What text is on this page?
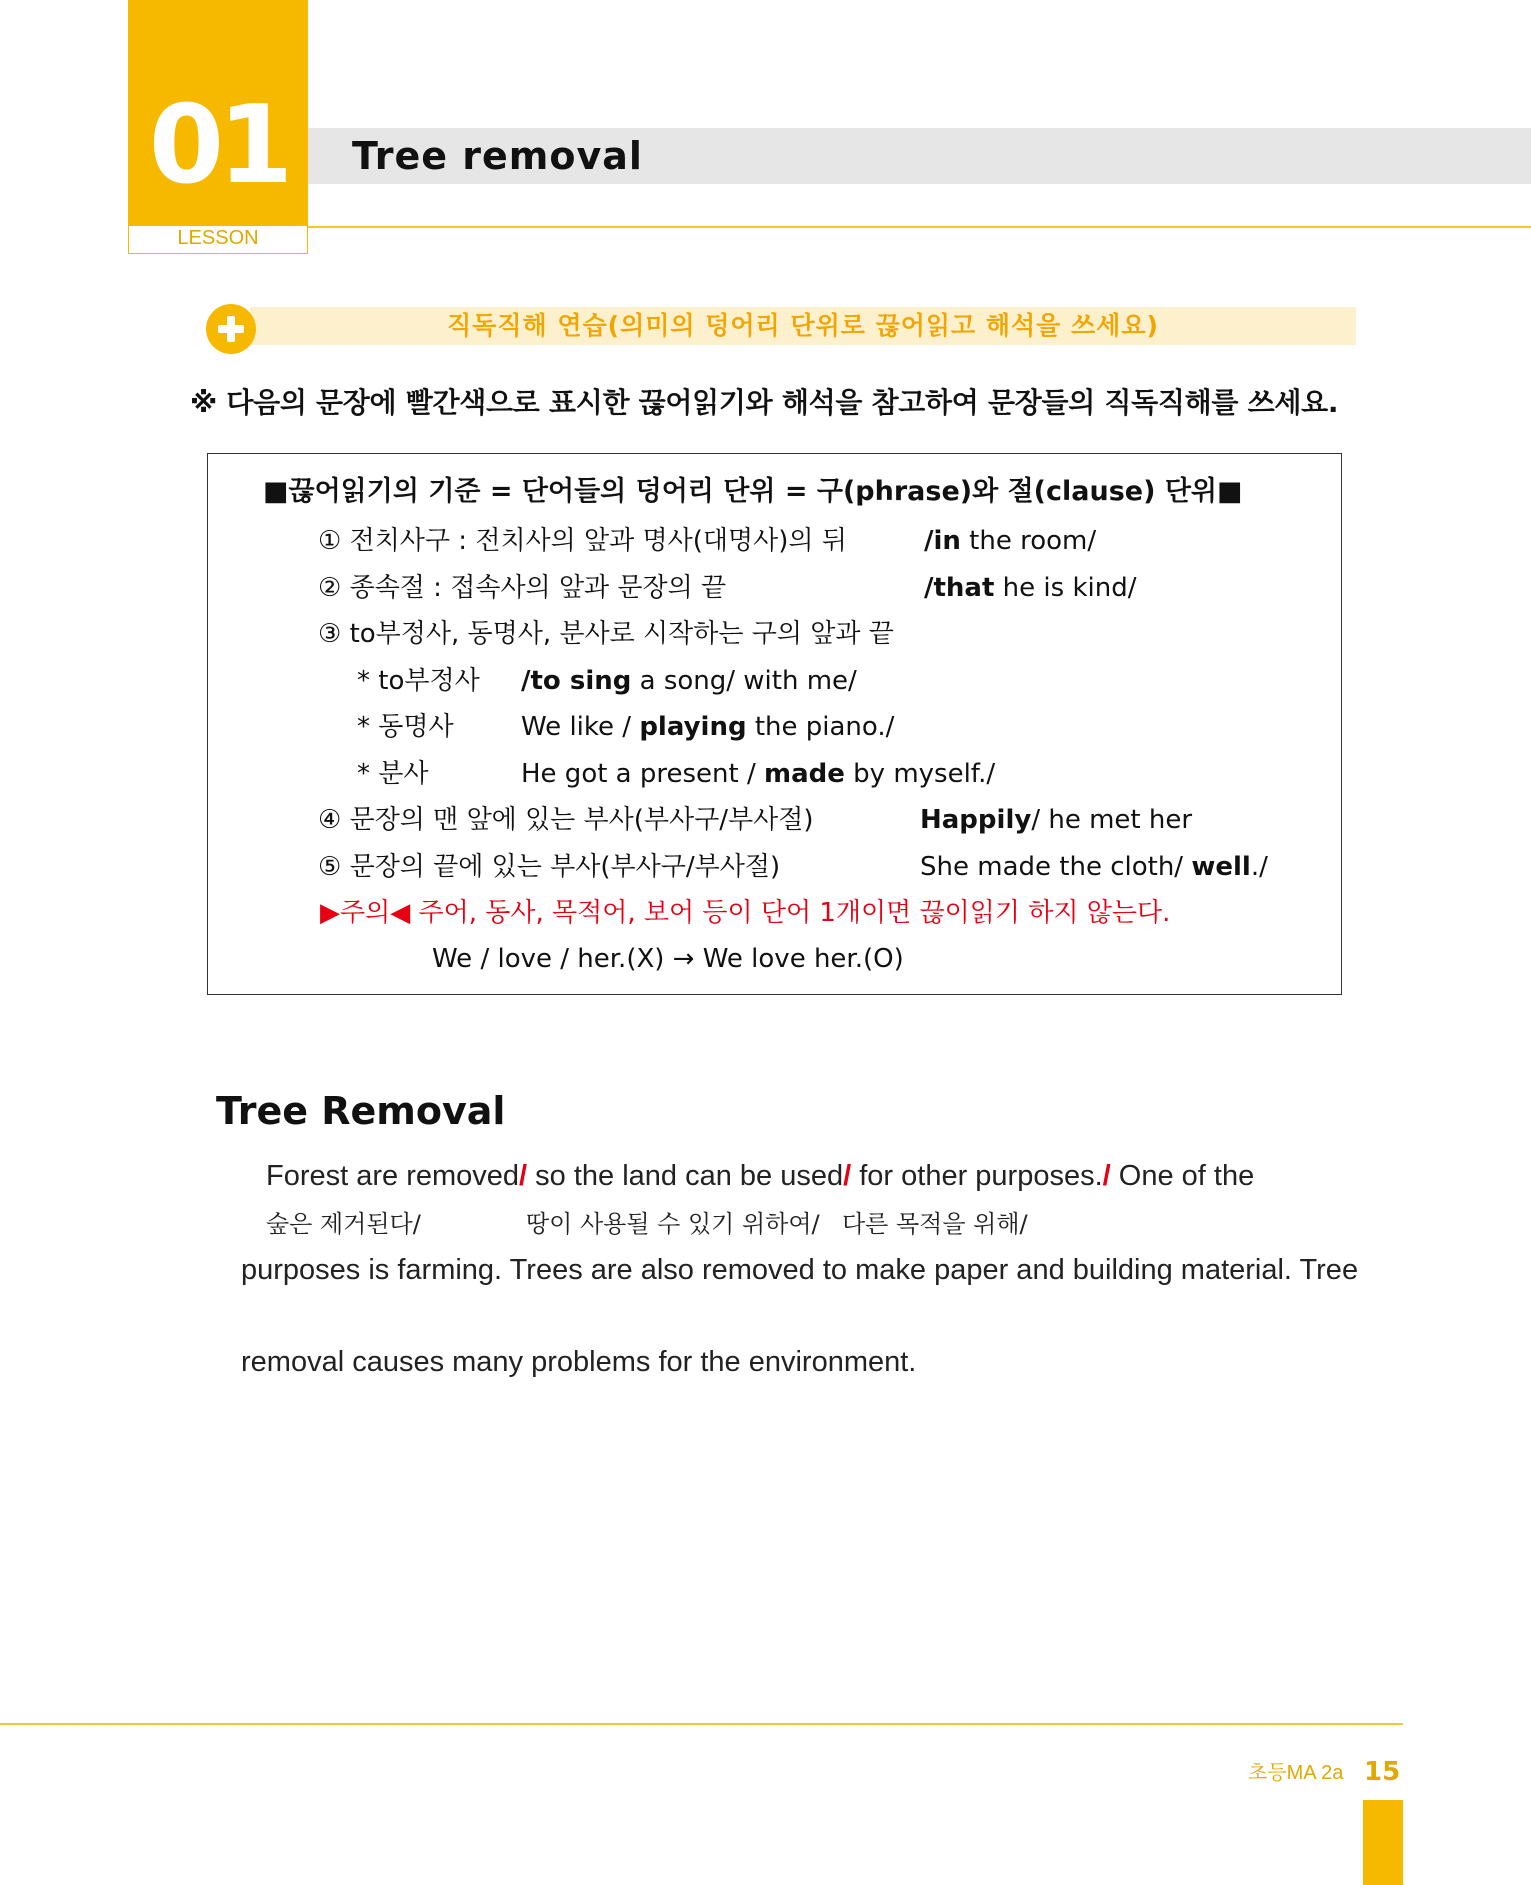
01
LESSON
Tree removal
직독직해 연습(의미의 덩어리 단위로 끊어읽고 해석을 쓰세요)
※ 다음의 문장에 빨간색으로 표시한 끊어읽기와 해석을 참고하여 문장들의 직독직해를 쓰세요.
■끊어읽기의 기준 = 단어들의 덩어리 단위 = 구(phrase)와 절(clause) 단위■
① 전치사구 : 전치사의 앞과 명사(대명사)의 뒤	/in the room/
② 종속절 : 접속사의 앞과 문장의 끝	/that he is kind/
③ to부정사, 동명사, 분사로 시작하는 구의 앞과 끝
* to부정사 /to sing a song/ with me/
* 동명사	We like / playing the piano./
* 분사	He got a present / made by myself./
④ 문장의 맨 앞에 있는 부사(부사구/부사절)	Happily/ he met her
⑤ 문장의 끝에 있는 부사(부사구/부사절)	She made the cloth/ well./
▶주의◀ 주어, 동사, 목적어, 보어 등이 단어 1개이면 끊이읽기 하지 않는다.
We / love / her.(X) → We love her.(O)
Tree Removal
Forest are removed/ so the land can be used/ for other purposes./ One of the
숲은 제거된다/	땅이 사용될 수 있기 위하여/ 다른 목적을 위해/
purposes is farming. Trees are also removed to make paper and building material. Tree
removal causes many problems for the environment.
초등MA 2a 15
